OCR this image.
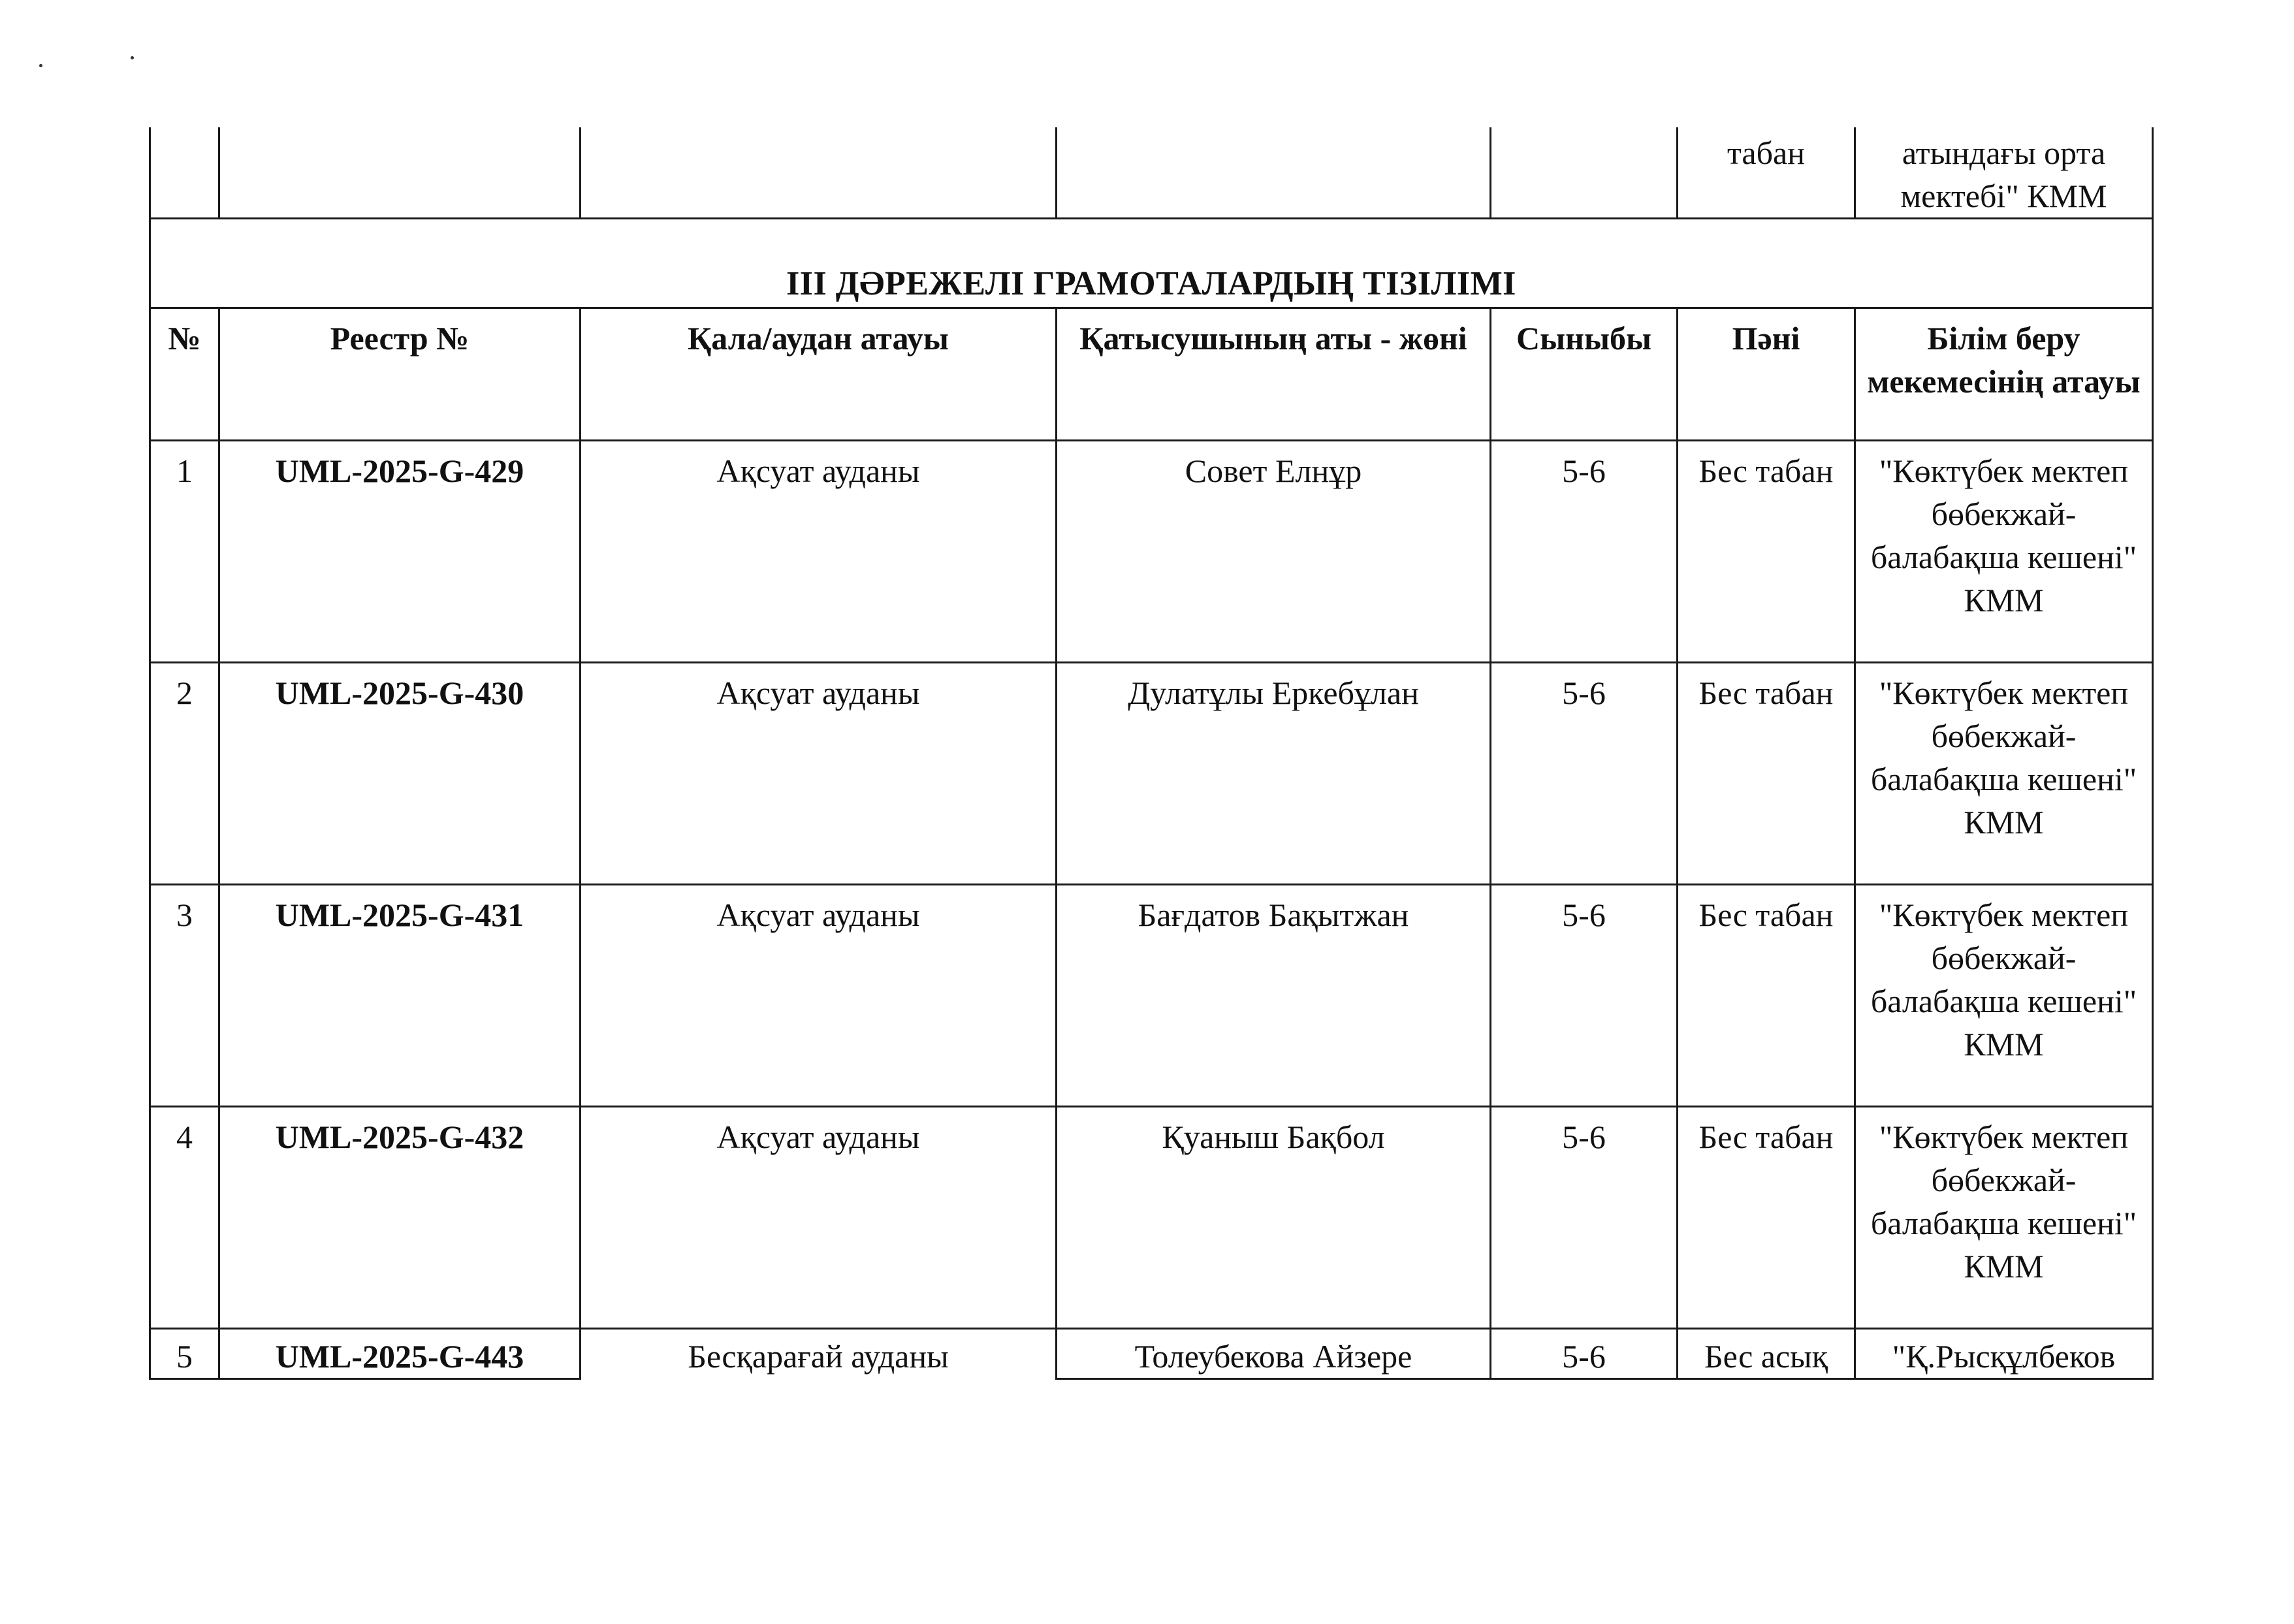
					табан	атындағы орта мектебі" КММ
III ДӘРЕЖЕЛІ ГРАМОТАЛАРДЫҢ ТІЗІЛІМІ						
№	Реестр №	Қала/аудан атауы	Қатысушының аты - жөні	Сыныбы	Пәні	Білім беру мекемесінің атауы
1	UML-2025-G-429	Ақсуат ауданы	Совет Елнұр	5-6	Бес табан	"Көктүбек мектеп бөбекжай-балабақша кешені" КММ
2	UML-2025-G-430	Ақсуат ауданы	Дулатұлы Еркебұлан	5-6	Бес табан	"Көктүбек мектеп бөбекжай-балабақша кешені" КММ
3	UML-2025-G-431	Ақсуат ауданы	Бағдатов Бақытжан	5-6	Бес табан	"Көктүбек мектеп бөбекжай-балабақша кешені" КММ
4	UML-2025-G-432	Ақсуат ауданы	Қуаныш Бақбол	5-6	Бес табан	"Көктүбек мектеп бөбекжай-балабақша кешені" КММ
5	UML-2025-G-443	Бесқарағай ауданы	Толеубекова Айзере	5-6	Бес асық	"Қ.Рысқұлбеков
